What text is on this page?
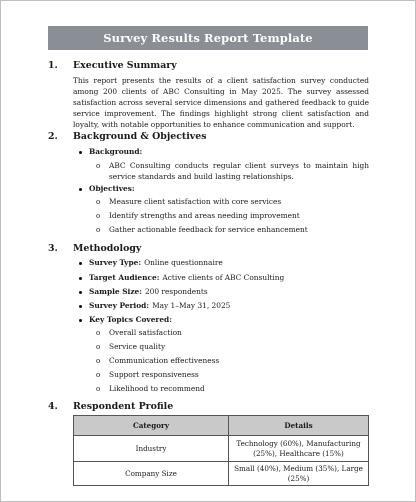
Survey Results Report Template
1.	Executive Summary

This report presents the results of a client satisfaction survey conducted among 200 clients of ABC Consulting in May 2025. The survey assessed satisfaction across several service dimensions and gathered feedback to guide service improvement. The findings highlight strong client satisfaction and loyalty, with notable opportunities to enhance communication and support.

2.	Background & Objectives
Background:
o ABC Consulting conducts regular client surveys to maintain high service standards and build lasting relationships.
Objectives:
o Measure client satisfaction with core services
o Identify strengths and areas needing improvement
o Gather actionable feedback for service enhancement
3.	Methodology
Survey Type: Online questionnaire
Target Audience: Active clients of ABC Consulting
Sample Size: 200 respondents
Survey Period: May 1–May 31, 2025
Key Topics Covered:
o Overall satisfaction
o Service quality
o Communication effectiveness
o Support responsiveness
o Likelihood to recommend
4.	Respondent Profile
Category	Details
Industry	Technology (60%), Manufacturing (25%), Healthcare (15%)
Company Size	Small (40%), Medium (35%), Large (25%)
